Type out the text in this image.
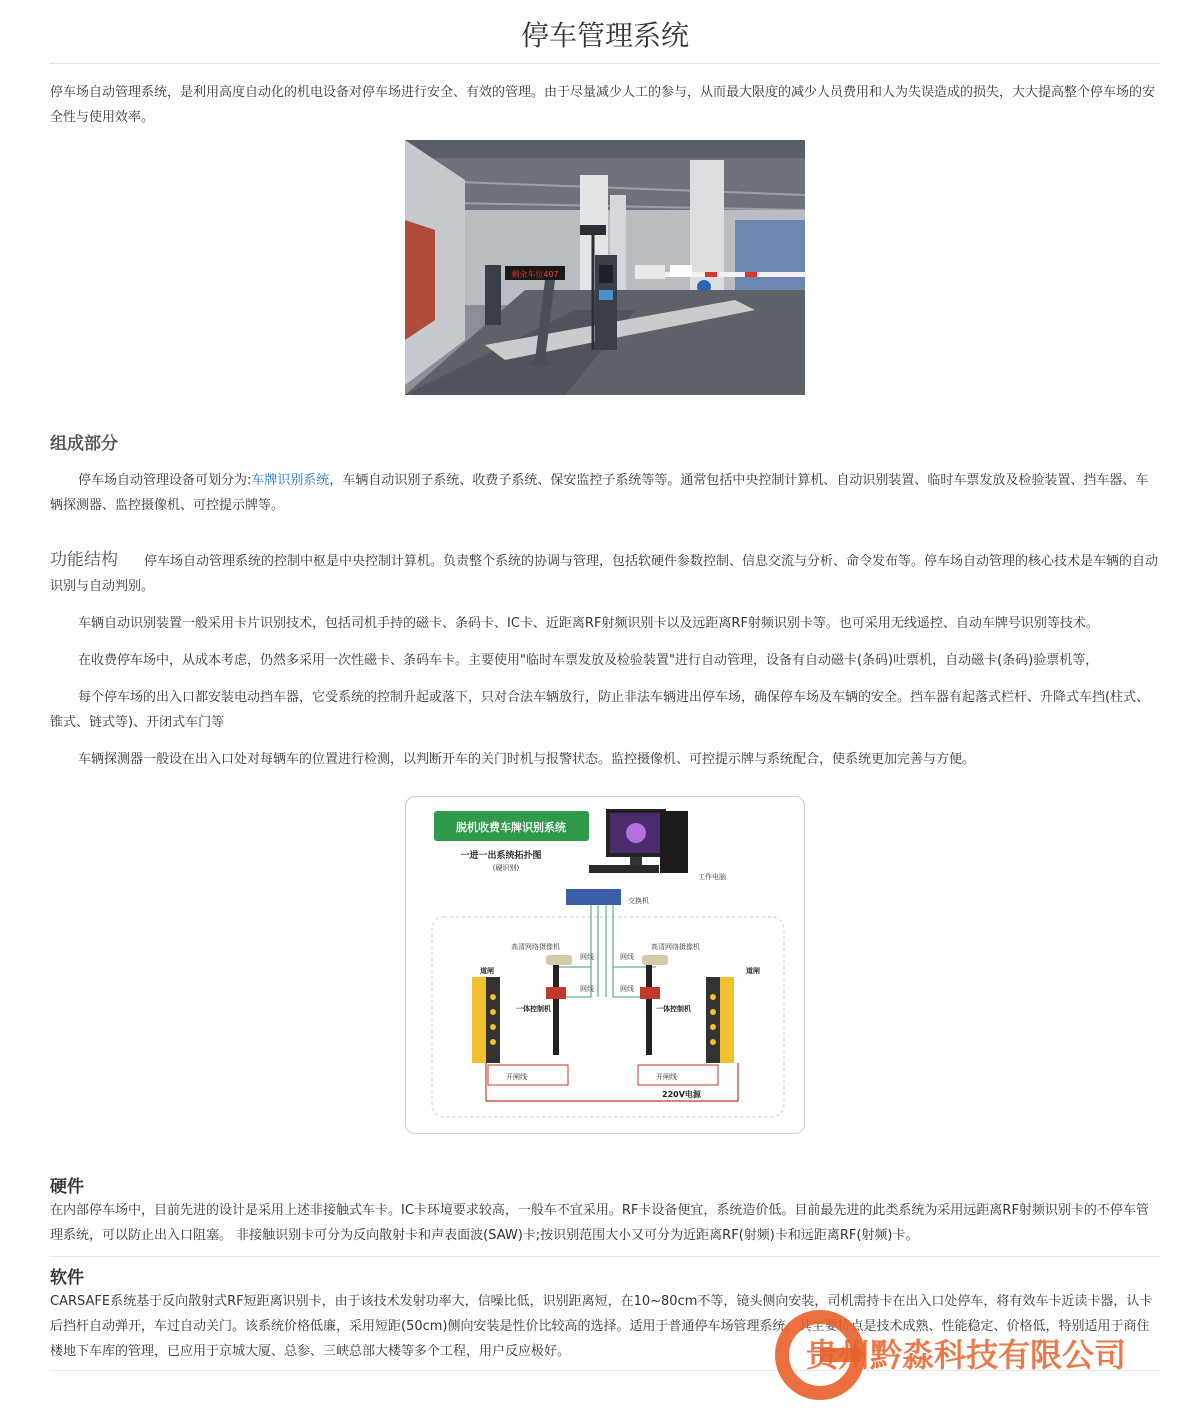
停车管理系统

停车场自动管理系统，是利用高度自动化的机电设备对停车场进行安全、有效的管理。由于尽量减少人工的参与，从而最大限度的减少人员费用和人为失误造成的损失，大大提高整个停车场的安全性与使用效率。

剩余车位407
组成部分

停车场自动管理设备可划分为:车牌识别系统，车辆自动识别子系统、收费子系统、保安监控子系统等等。通常包括中央控制计算机、自动识别装置、临时车票发放及检验装置、挡车器、车辆探测器、监控摄像机、可控提示牌等。

功能结构 停车场自动管理系统的控制中枢是中央控制计算机。负责整个系统的协调与管理，包括软硬件参数控制、信息交流与分析、命令发布等。停车场自动管理的核心技术是车辆的自动识别与自动判别。

车辆自动识别装置一般采用卡片识别技术，包括司机手持的磁卡、条码卡、IC卡、近距离RF射频识别卡以及远距离RF射频识别卡等。也可采用无线遥控、自动车牌号识别等技术。

在收费停车场中，从成本考虑，仍然多采用一次性磁卡、条码车卡。主要使用"临时车票发放及检验装置"进行自动管理，设备有自动磁卡(条码)吐票机，自动磁卡(条码)验票机等，

每个停车场的出入口都安装电动挡车器，它受系统的控制升起或落下，只对合法车辆放行，防止非法车辆进出停车场，确保停车场及车辆的安全。挡车器有起落式栏杆、升降式车挡(柱式、锥式、链式等)、开闭式车门等

车辆探测器一般设在出入口处对每辆车的位置进行检测，以判断开车的关门时机与报警状态。监控摄像机、可控提示牌与系统配合，使系统更加完善与方便。

脱机收费车牌识别系统
一进一出系统拓扑图
(硬识别)
工作电脑
交换机
网线	网线
网线	网线
高清网络摄像机	高清网络摄像机
一体控制机	一体控制机
道闸	道闸
开闸线	开闸线
220V电源
硬件

在内部停车场中，目前先进的设计是采用上述非接触式车卡。IC卡环境要求较高，一般车不宜采用。RF卡设备便宜，系统造价低。目前最先进的此类系统为采用远距离RF射频识别卡的不停车管理系统，可以防止出入口阻塞。 非接触识别卡可分为反向散射卡和声表面波(SAW)卡;按识别范围大小又可分为近距离RF(射频)卡和远距离RF(射频)卡。

软件

CARSAFE系统基于反向散射式RF短距离识别卡，由于该技术发射功率大，信噪比低，识别距离短，在10~80cm不等，镜头侧向安装，司机需持卡在出入口处停车，将有效车卡近读卡器，认卡后挡杆自动弹开，车过自动关门。该系统价格低廉，采用短距(50cm)侧向安装是性价比较高的选择。适用于普通停车场管理系统，其主要特点是技术成熟、性能稳定、价格低，特别适用于商住楼地下车库的管理，已应用于京城大厦、总参、三峡总部大楼等多个工程，用户反应极好。	贵州黔淼科技有限公司
